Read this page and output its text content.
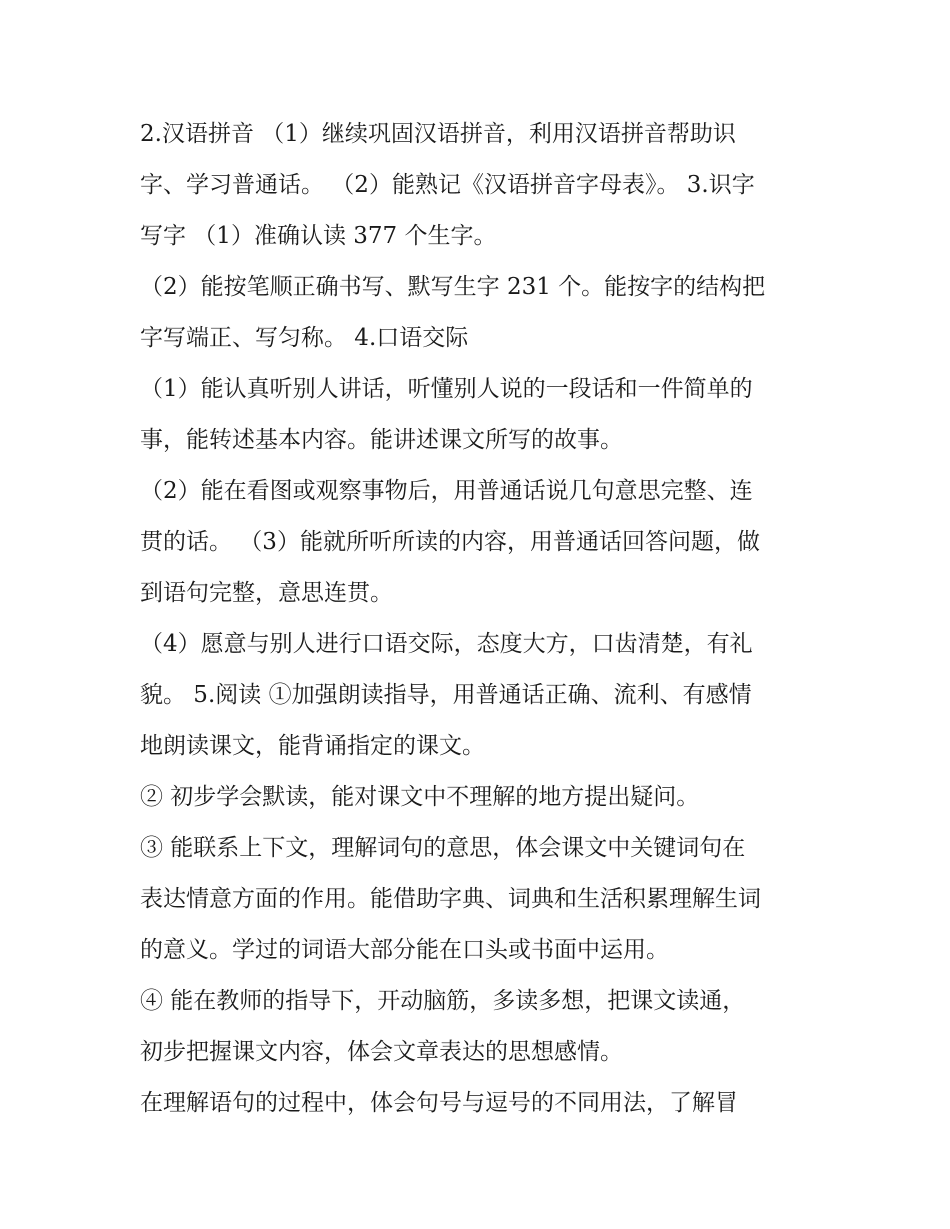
2.汉语拼音 （1）继续巩固汉语拼音，利用汉语拼音帮助识
字、学习普通话。 （2）能熟记《汉语拼音字母表》。 3.识字
写字 （1）准确认读 377 个生字。
（2）能按笔顺正确书写、默写生字 231 个。能按字的结构把
字写端正、写匀称。 4.口语交际
（1）能认真听别人讲话，听懂别人说的一段话和一件简单的
事，能转述基本内容。能讲述课文所写的故事。
（2）能在看图或观察事物后，用普通话说几句意思完整、连
贯的话。 （3）能就所听所读的内容，用普通话回答问题，做
到语句完整，意思连贯。
（4）愿意与别人进行口语交际，态度大方，口齿清楚，有礼
貌。 5.阅读 ①加强朗读指导，用普通话正确、流利、有感情
地朗读课文，能背诵指定的课文。
② 初步学会默读，能对课文中不理解的地方提出疑问。
③ 能联系上下文，理解词句的意思，体会课文中关键词句在
表达情意方面的作用。能借助字典、词典和生活积累理解生词
的意义。学过的词语大部分能在口头或书面中运用。
④ 能在教师的指导下，开动脑筋，多读多想，把课文读通，
初步把握课文内容，体会文章表达的思想感情。
在理解语句的过程中，体会句号与逗号的不同用法，了解冒
